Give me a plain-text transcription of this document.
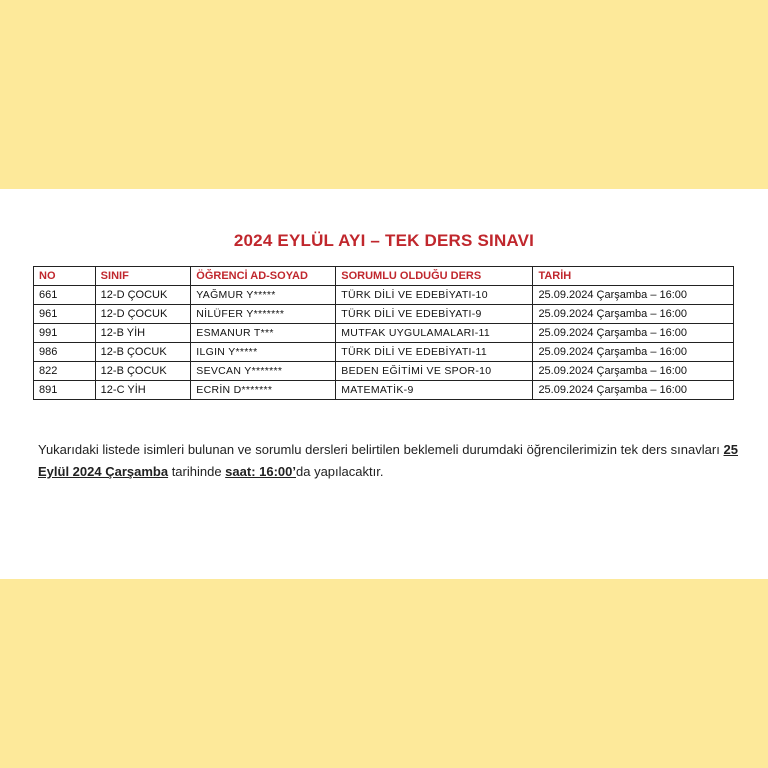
2024 EYLÜL AYI – TEK DERS SINAVI
NO	SINIF	ÖĞRENCİ AD-SOYAD	SORUMLU OLDUĞU DERS	TARİH
661	12-D ÇOCUK	YAĞMUR Y*****	TÜRK DİLİ VE EDEBİYATI-10	25.09.2024 Çarşamba – 16:00
961	12-D ÇOCUK	NİLÜFER Y*******	TÜRK DİLİ VE EDEBİYATI-9	25.09.2024 Çarşamba – 16:00
991	12-B YİH	ESMANUR T***	MUTFAK UYGULAMALARI-11	25.09.2024 Çarşamba – 16:00
986	12-B ÇOCUK	ILGIN Y*****	TÜRK DİLİ VE EDEBİYATI-11	25.09.2024 Çarşamba – 16:00
822	12-B ÇOCUK	SEVCAN Y*******	BEDEN EĞİTİMİ VE SPOR-10	25.09.2024 Çarşamba – 16:00
891	12-C YİH	ECRİN D*******	MATEMATİK-9	25.09.2024 Çarşamba – 16:00

Yukarıdaki listede isimleri bulunan ve sorumlu dersleri belirtilen beklemeli durumdaki öğrencilerimizin tek ders sınavları 25 Eylül 2024 Çarşamba tarihinde saat: 16:00’da yapılacaktır.
